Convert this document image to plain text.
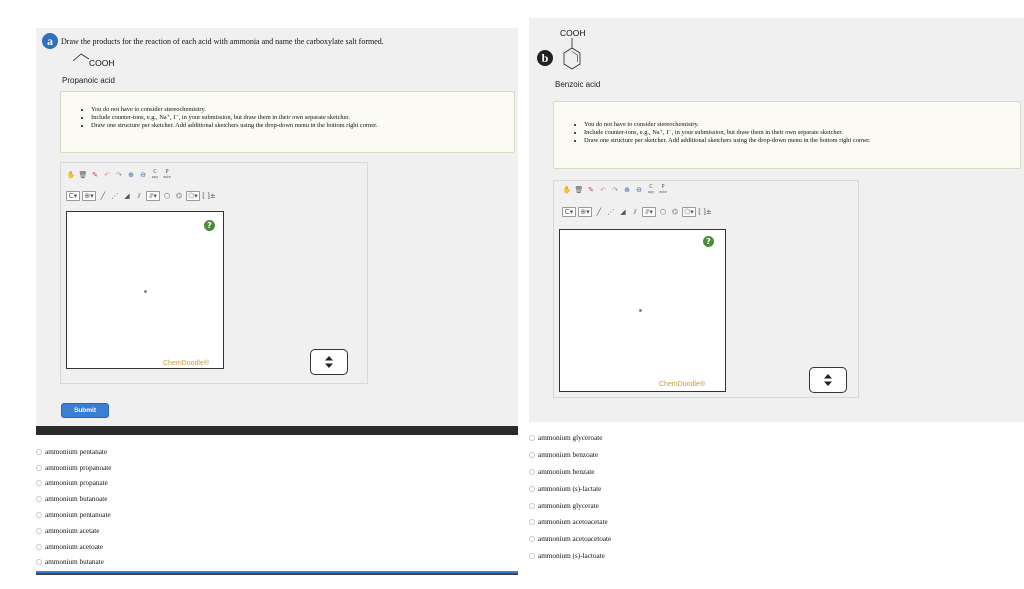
a	Draw the products for the reaction of each acid with ammonia and name the carboxylate salt formed.
COOH
Propanoic acid
• You do not have to consider stereochemistry.
• Include counter-ions, e.g., Na⁺, I⁻, in your submission, but draw them in their own separate sketcher.
• Draw one structure per sketcher. Add additional sketchers using the drop-down menu in the bottom right corner.
✋ 🗑 ✎ ↶ ↷ ⊕ ⊖	C
opy
P
aste
C ▾	⊕▾	╱ ⋰ ◢	⫽	⫻▾	⬡ ⌬ ⬠▾ [ ]±
?
ChemDoodle®
Submit
ammonium pentanate
ammonium propanoate
ammonium propanate
ammonium butanoate
ammonium pentanoate
ammonium acetate
ammonium acetoate
ammonium butanate
b
COOH
Benzoic acid
• You do not have to consider stereochemistry.
• Include counter-ions, e.g., Na⁺, I⁻, in your submission, but draw them in their own separate sketcher.
• Draw one structure per sketcher. Add additional sketchers using the drop-down menu in the bottom right corner.
✋ 🗑 ✎ ↶ ↷ ⊕ ⊖	C
opy
P
aste
C ▾	⊕▾	╱ ⋰ ◢	⫽	⫻▾	⬡ ⌬ ⬠▾ [ ]±
?
ChemDoodle®
ammonium glyceroate
ammonium benzoate
ammonium benzate
ammonium (s)-lactate
ammonium glycerate
ammonium acetoacetate
ammonium acetoacetoate
ammonium (s)-lactoate
